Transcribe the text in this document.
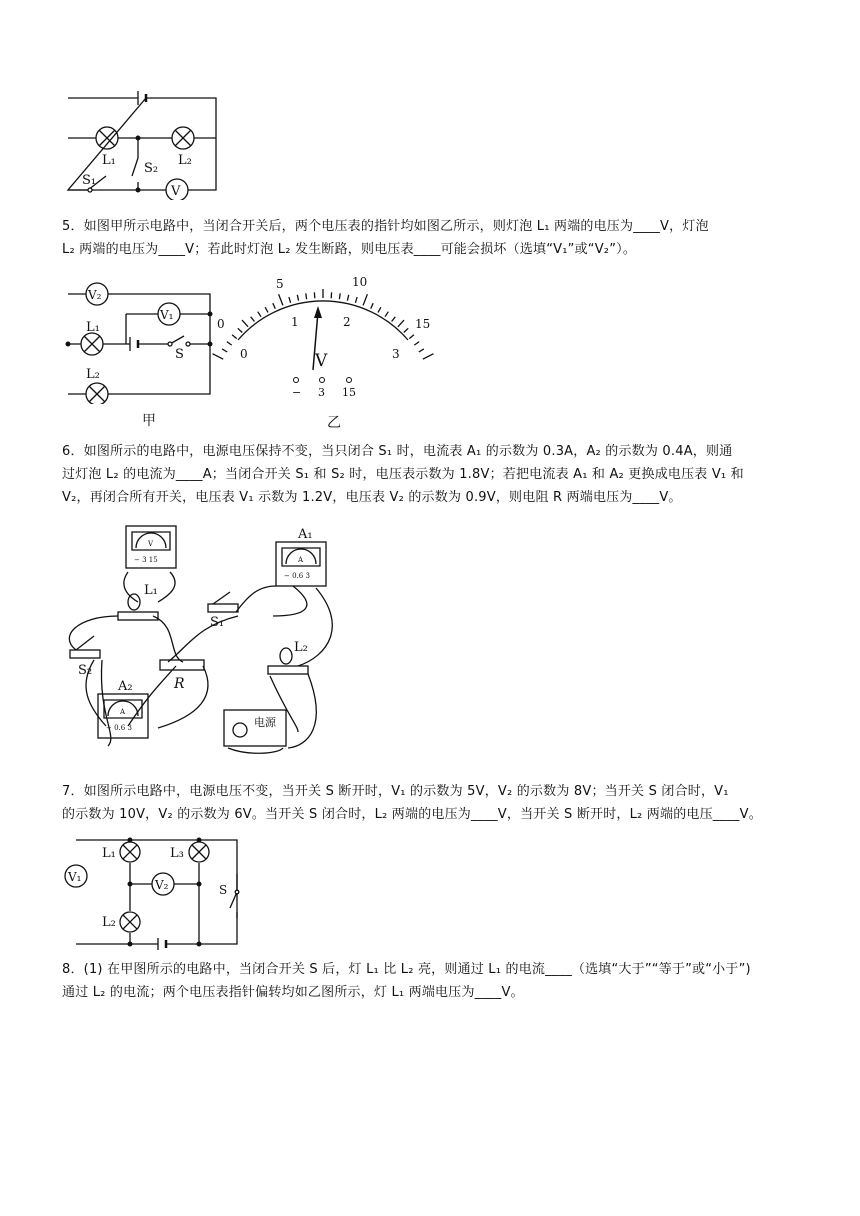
L₁	L₂
S₂
S₁
V
5．如图甲所示电路中，当闭合开关后，两个电压表的指针均如图乙所示，则灯泡 L₁ 两端的电压为____V，灯泡
L₂ 两端的电压为____V；若此时灯泡 L₂ 发生断路，则电压表____可能会损坏（选填“V₁”或“V₂”）。
V₂
V₁
L₁
L₂
S
甲
0
5	10
15
0
1	2
3
V
− 3 15
乙
6．如图所示的电路中，电源电压保持不变，当只闭合 S₁ 时，电流表 A₁ 的示数为 0.3A，A₂ 的示数为 0.4A，则通
过灯泡 L₂ 的电流为____A；当闭合开关 S₁ 和 S₂ 时，电压表示数为 1.8V；若把电流表 A₁ 和 A₂ 更换成电压表 V₁ 和
V₂，再闭合所有开关，电压表 V₁ 示数为 1.2V，电压表 V₂ 的示数为 0.9V，则电阻 R 两端电压为____V。
− 3 15
V
A
− 0.6 3
A
− 0.6 3
A₁
L₁
S₁
L₂
S₂
A₂	R
电源
7．如图所示电路中，电源电压不变，当开关 S 断开时，V₁ 的示数为 5V，V₂ 的示数为 8V；当开关 S 闭合时，V₁
的示数为 10V，V₂ 的示数为 6V。当开关 S 闭合时，L₂ 两端的电压为____V，当开关 S 断开时，L₂ 两端的电压____V。
V₁
V₂
L₁	L₃
L₂
S
8．(1) 在甲图所示的电路中，当闭合开关 S 后，灯 L₁ 比 L₂ 亮，则通过 L₁ 的电流____（选填“大于”“等于”或“小于”)
通过 L₂ 的电流；两个电压表指针偏转均如乙图所示，灯 L₁ 两端电压为____V。
